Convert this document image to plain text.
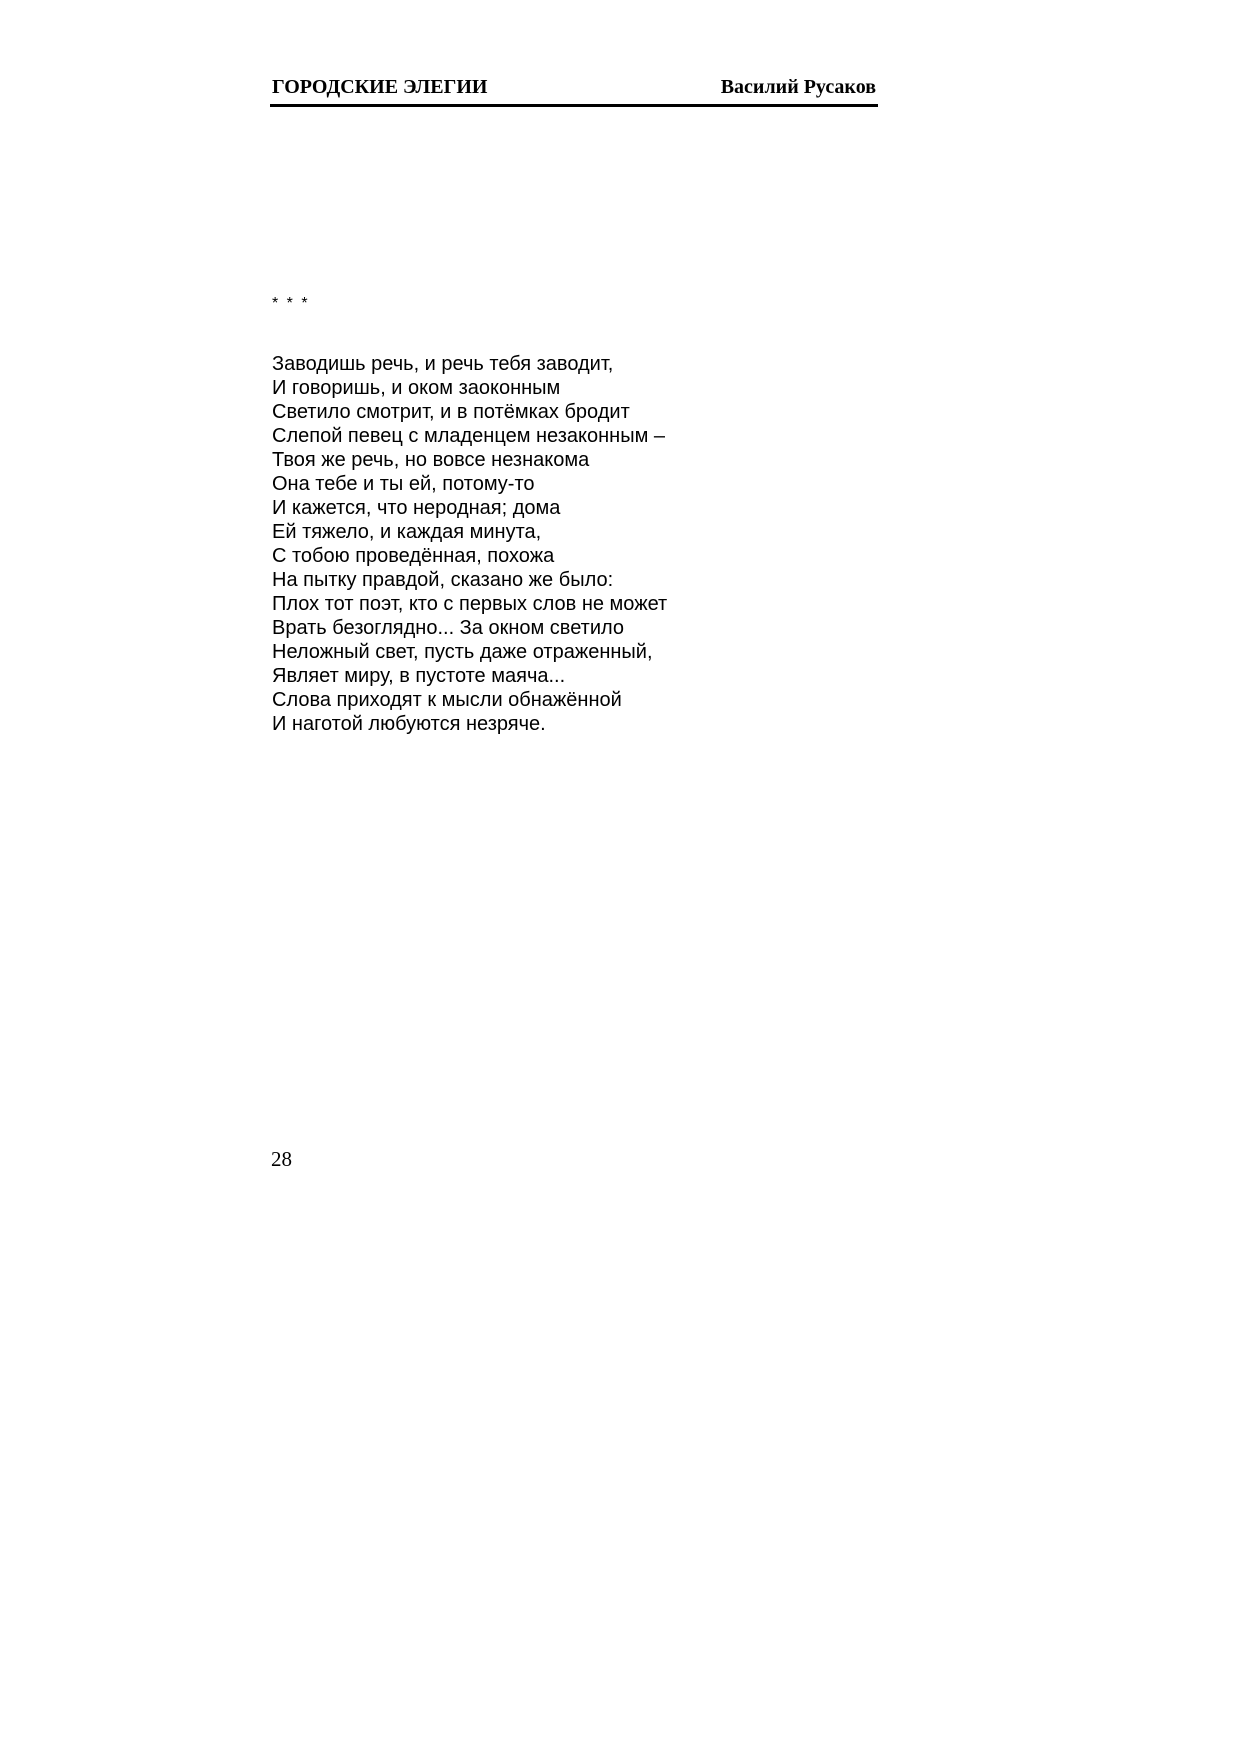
ГОРОДСКИЕ ЭЛЕГИИ	Василий Русаков
* * *
Заводишь речь, и речь тебя заводит,
И говоришь, и оком заоконным
Светило смотрит, и в потёмках бродит
Слепой певец с младенцем незаконным –
Твоя же речь, но вовсе незнакома
Она тебе и ты ей, потому-то
И кажется, что неродная; дома
Ей тяжело, и каждая минута,
С тобою проведённая, похожа
На пытку правдой, сказано же было:
Плох тот поэт, кто с первых слов не может
Врать безоглядно... За окном светило
Неложный свет, пусть даже отраженный,
Являет миру, в пустоте маяча...
Слова приходят к мысли обнажённой
И наготой любуются незряче.
28
